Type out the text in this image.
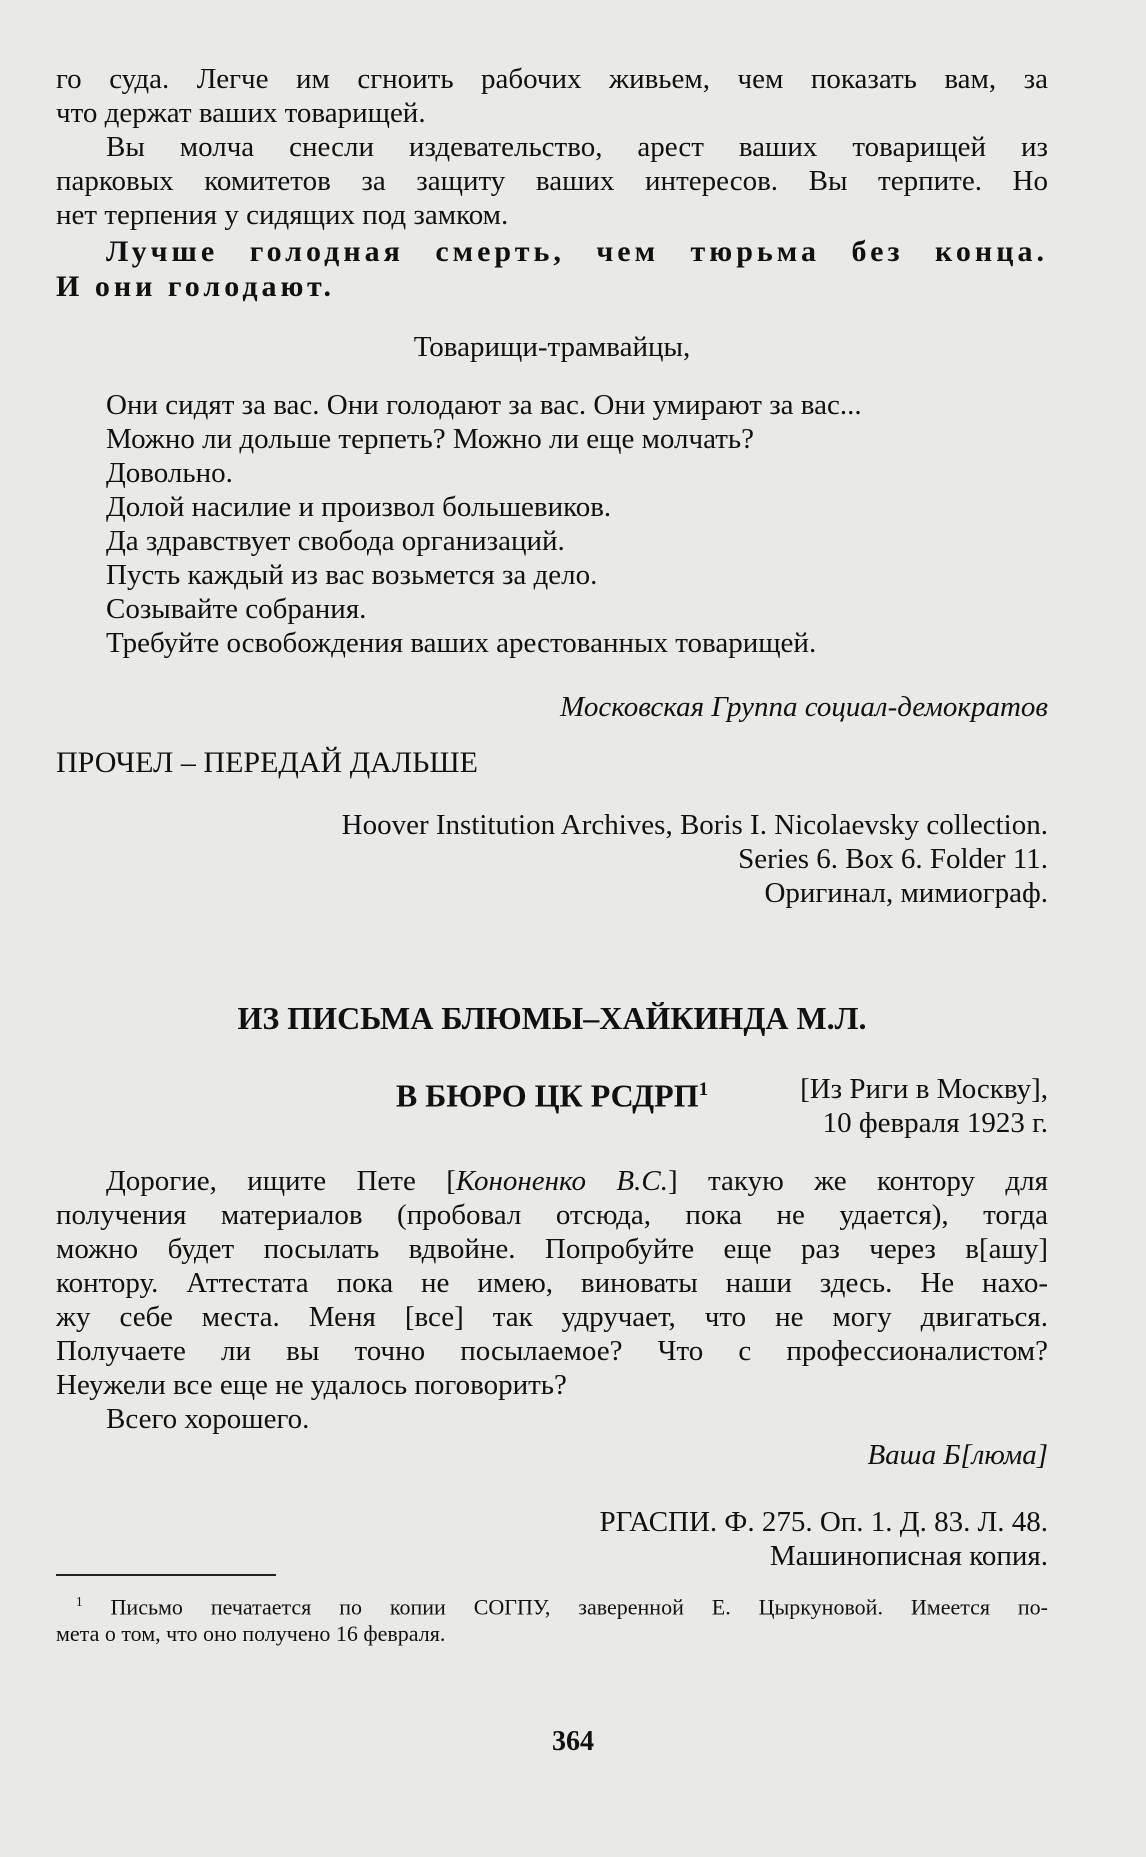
го суда. Легче им сгноить рабочих живьем, чем показать вам, за

что держат ваших товарищей.

Вы молча снесли издевательство, арест ваших товарищей из

парковых комитетов за защиту ваших интересов. Вы терпите. Но

нет терпения у сидящих под замком.

Лучше голодная смерть, чем тюрьма без конца.

И они голодают.

Товарищи-трамвайцы,

Они сидят за вас. Они голодают за вас. Они умирают за вас...

Можно ли дольше терпеть? Можно ли еще молчать?

Довольно.

Долой насилие и произвол большевиков.

Да здравствует свобода организаций.

Пусть каждый из вас возьмется за дело.

Созывайте собрания.

Требуйте освобождения ваших арестованных товарищей.

Московская Группа социал-демократов

ПРОЧЕЛ – ПЕРЕДАЙ ДАЛЬШЕ

Hoover Institution Archives, Boris I. Nicolaevsky collection.

Series 6. Box 6. Folder 11.

Оригинал, мимиограф.

ИЗ ПИСЬМА БЛЮМЫ–ХАЙКИНДА М.Л.

В БЮРО ЦК РСДРП$^1$	[Из Риги в Москву],

10 февраля 1923 г.

Дорогие, ищите Пете [Кононенко В.С.] такую же контору для

получения материалов (пробовал отсюда, пока не удается), тогда

можно будет посылать вдвойне. Попробуйте еще раз через в[ашу]

контору. Аттестата пока не имею, виноваты наши здесь. Не нахо-

жу себе места. Меня [все] так удручает, что не могу двигаться.

Получаете ли вы точно посылаемое? Что с профессионалистом?

Неужели все еще не удалось поговорить?

Всего хорошего.

Ваша Б[люма]

РГАСПИ. Ф. 275. Оп. 1. Д. 83. Л. 48.

Машинописная копия.

$^1$ Письмо печатается по копии СОГПУ, заверенной Е. Цыркуновой. Имеется по-

мета о том, что оно получено 16 февраля.

364
